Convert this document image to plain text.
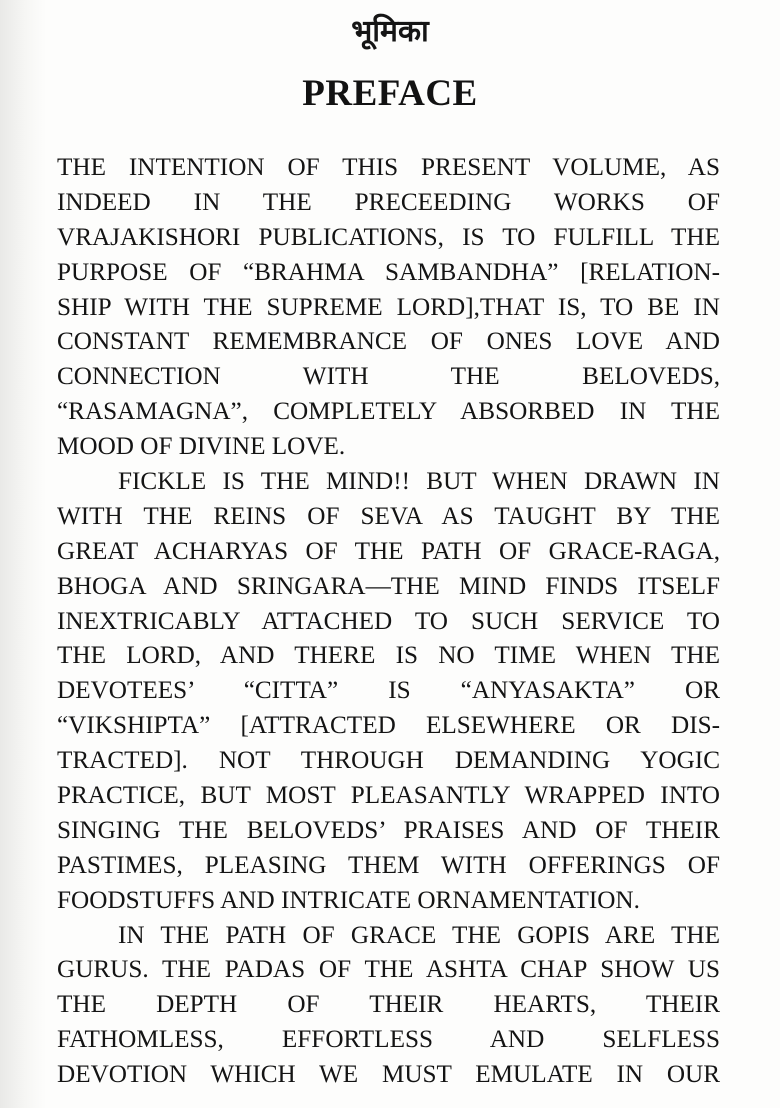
भूमिका
PREFACE
THE INTENTION OF THIS PRESENT VOLUME, AS
INDEED IN THE PRECEEDING WORKS OF
VRAJAKISHORI PUBLICATIONS, IS TO FULFILL THE
PURPOSE OF “BRAHMA SAMBANDHA” [RELATION-
SHIP WITH THE SUPREME LORD],THAT IS, TO BE IN
CONSTANT REMEMBRANCE OF ONES LOVE AND
CONNECTION WITH THE BELOVEDS,
“RASAMAGNA”, COMPLETELY ABSORBED IN THE
MOOD OF DIVINE LOVE.
FICKLE IS THE MIND!! BUT WHEN DRAWN IN
WITH THE REINS OF SEVA AS TAUGHT BY THE
GREAT ACHARYAS OF THE PATH OF GRACE-RAGA,
BHOGA AND SRINGARA—THE MIND FINDS ITSELF
INEXTRICABLY ATTACHED TO SUCH SERVICE TO
THE LORD, AND THERE IS NO TIME WHEN THE
DEVOTEES’ “CITTA” IS “ANYASAKTA” OR
“VIKSHIPTA” [ATTRACTED ELSEWHERE OR DIS-
TRACTED]. NOT THROUGH DEMANDING YOGIC
PRACTICE, BUT MOST PLEASANTLY WRAPPED INTO
SINGING THE BELOVEDS’ PRAISES AND OF THEIR
PASTIMES, PLEASING THEM WITH OFFERINGS OF
FOODSTUFFS AND INTRICATE ORNAMENTATION.
IN THE PATH OF GRACE THE GOPIS ARE THE
GURUS. THE PADAS OF THE ASHTA CHAP SHOW US
THE DEPTH OF THEIR HEARTS, THEIR
FATHOMLESS, EFFORTLESS AND SELFLESS
DEVOTION WHICH WE MUST EMULATE IN OUR
